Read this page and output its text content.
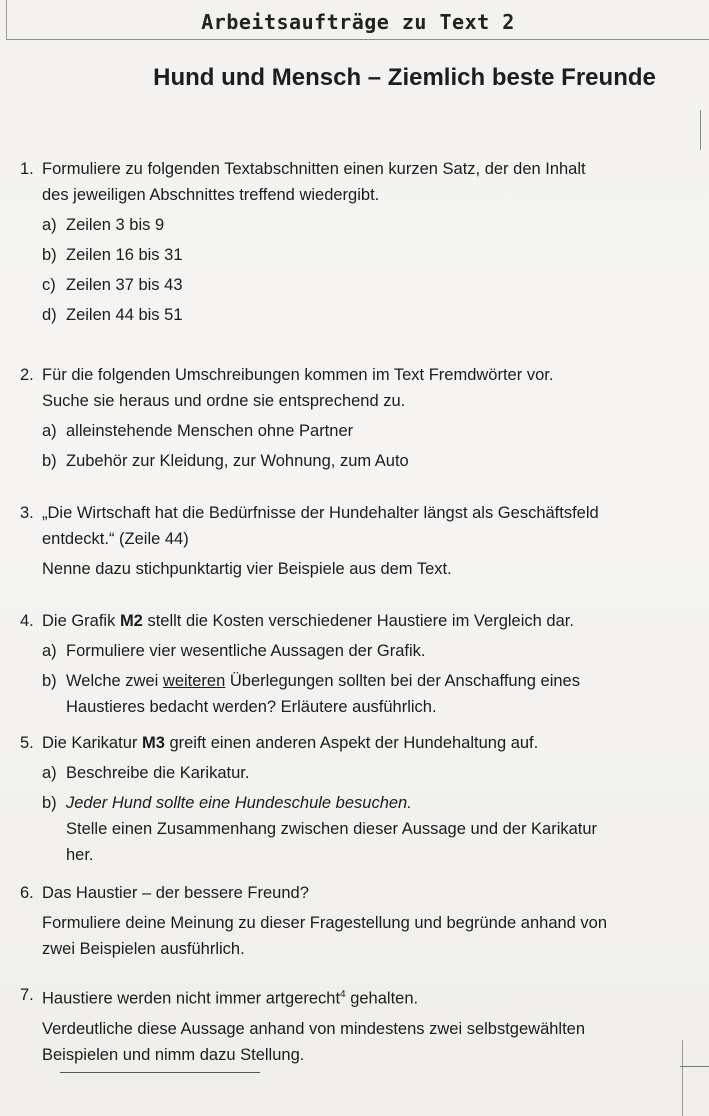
Arbeitsaufträge zu Text 2
Hund und Mensch – Ziemlich beste Freunde
1. Formuliere zu folgenden Textabschnitten einen kurzen Satz, der den Inhalt
des jeweiligen Abschnittes treffend wiedergibt.
a) Zeilen 3 bis 9
b) Zeilen 16 bis 31
c) Zeilen 37 bis 43
d) Zeilen 44 bis 51
2. Für die folgenden Umschreibungen kommen im Text Fremdwörter vor.
Suche sie heraus und ordne sie entsprechend zu.
a) alleinstehende Menschen ohne Partner
b) Zubehör zur Kleidung, zur Wohnung, zum Auto
3. „Die Wirtschaft hat die Bedürfnisse der Hundehalter längst als Geschäftsfeld
entdeckt.“ (Zeile 44)
Nenne dazu stichpunktartig vier Beispiele aus dem Text.
4. Die Grafik M2 stellt die Kosten verschiedener Haustiere im Vergleich dar.
a) Formuliere vier wesentliche Aussagen der Grafik.
b) Welche zwei weiteren Überlegungen sollten bei der Anschaffung eines
Haustieres bedacht werden? Erläutere ausführlich.
5. Die Karikatur M3 greift einen anderen Aspekt der Hundehaltung auf.
a) Beschreibe die Karikatur.
b) Jeder Hund sollte eine Hundeschule besuchen.
Stelle einen Zusammenhang zwischen dieser Aussage und der Karikatur
her.
6. Das Haustier – der bessere Freund?
Formuliere deine Meinung zu dieser Fragestellung und begründe anhand von
zwei Beispielen ausführlich.
7. Haustiere werden nicht immer artgerecht$^4$ gehalten.
Verdeutliche diese Aussage anhand von mindestens zwei selbstgewählten
Beispielen und nimm dazu Stellung.
